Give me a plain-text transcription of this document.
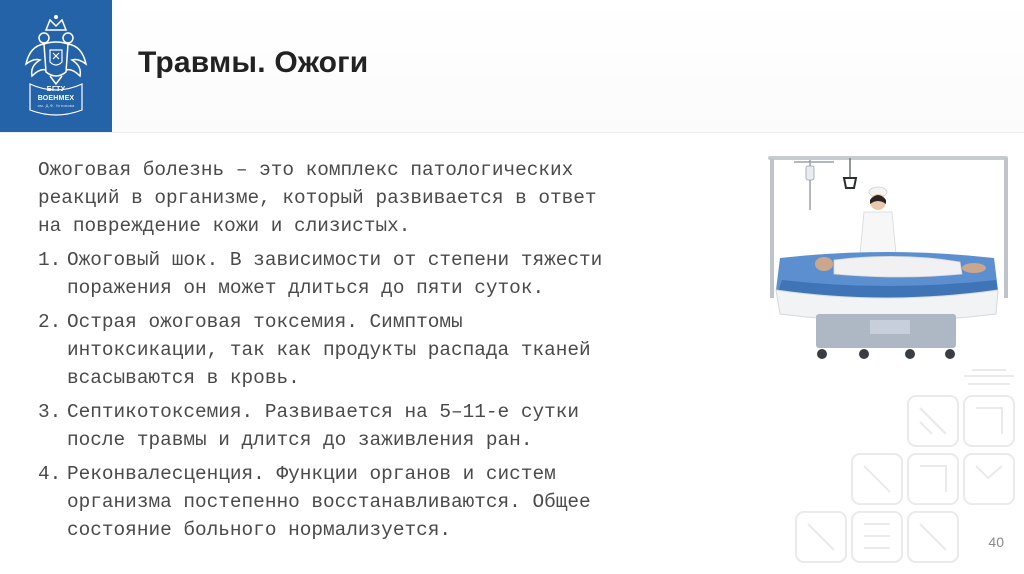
БГТУ
ВОЕНМЕХ
им. Д.Ф. Устинова
Травмы. Ожоги
Ожоговая болезнь – это комплекс патологических
реакций в организме, который развивается в ответ
на повреждение кожи и слизистых.
1. Ожоговый шок. В зависимости от степени тяжести
поражения он может длиться до пяти суток.
2. Острая ожоговая токсемия. Симптомы
интоксикации, так как продукты распада тканей
всасываются в кровь.
3. Септикотоксемия. Развивается на 5–11-е сутки
после травмы и длится до заживления ран.
4. Реконвалесценция. Функции органов и систем
организма постепенно восстанавливаются. Общее
состояние больного нормализуется.
40
